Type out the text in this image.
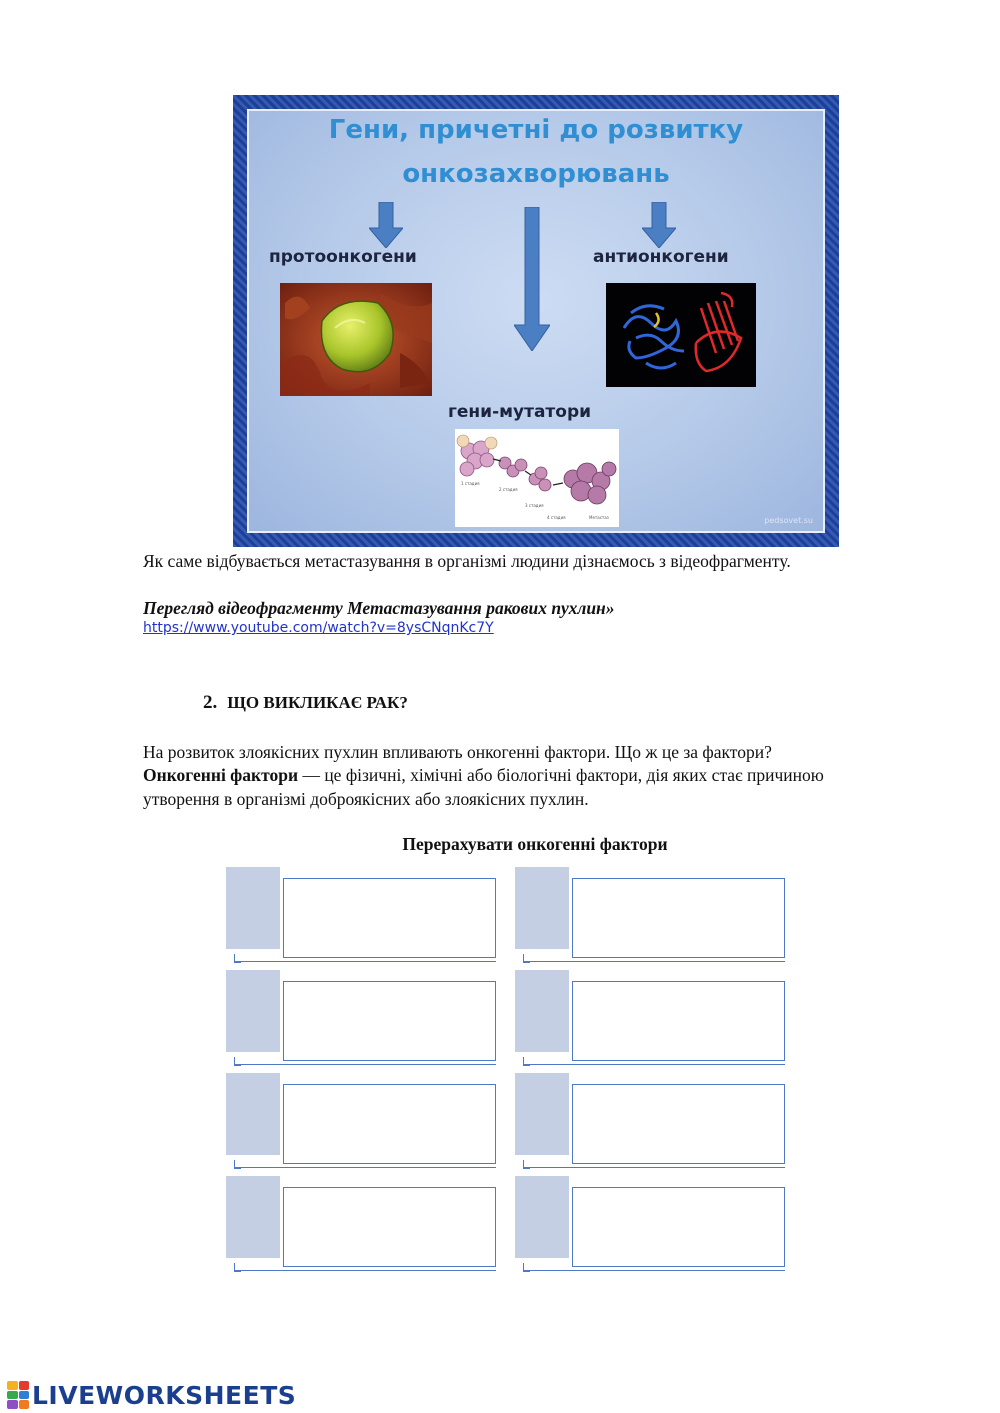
Гени, причетні до розвитку
онкозахворювань
протоонкогени	антионкогени
гени-мутатори
1 стадия
2 стадия
3 стадия
4 стадия	Метастаз	pedsovet.su

Як саме відбувається метастазування в організмі людини дізнаємось з відеофрагменту.

Перегляд відеофрагменту Метастазування ракових пухлин»

https://www.youtube.com/watch?v=8ysCNqnKc7Y
2. ЩО ВИКЛИКАЄ РАК?

На розвиток злоякісних пухлин впливають онкогенні фактори. Що ж це за фактори?

Онкогенні фактори — це фізичні, хімічні або біологічні фактори, дія яких стає причиною

утворення в організмі доброякісних або злоякісних пухлин.

Перерахувати онкогенні фактори
LIVEWORKSHEETS
